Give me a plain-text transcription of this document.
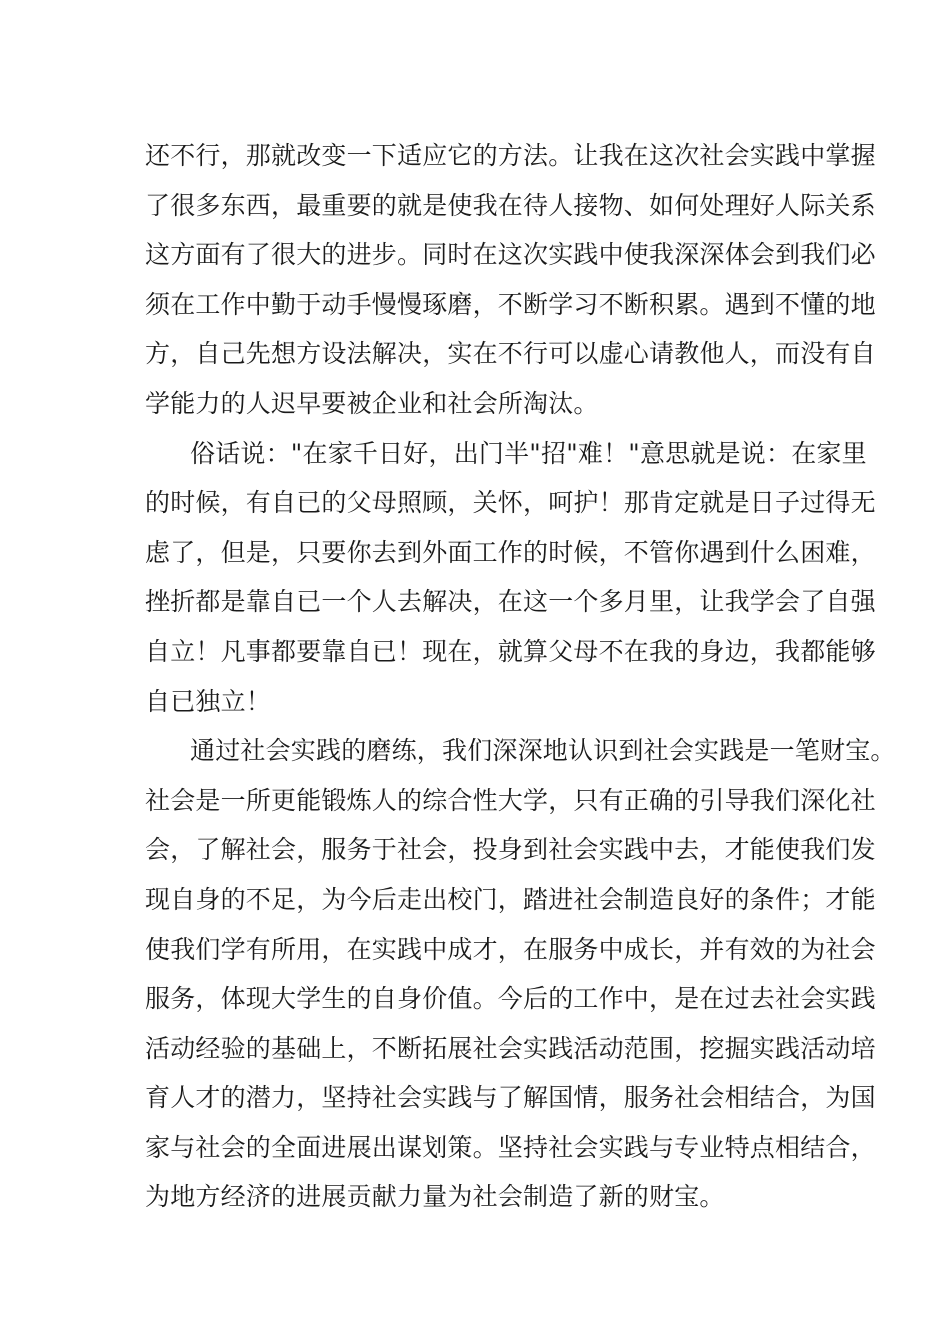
还不行，那就改变一下适应它的方法。让我在这次社会实践中掌握
了很多东西，最重要的就是使我在待人接物、如何处理好人际关系
这方面有了很大的进步。同时在这次实践中使我深深体会到我们必
须在工作中勤于动手慢慢琢磨，不断学习不断积累。遇到不懂的地
方，自己先想方设法解决，实在不行可以虚心请教他人，而没有自
学能力的人迟早要被企业和社会所淘汰。
俗话说："在家千日好，出门半"招"难！"意思就是说：在家里
的时候，有自已的父母照顾，关怀，呵护！那肯定就是日子过得无
虑了，但是，只要你去到外面工作的时候，不管你遇到什么困难，
挫折都是靠自已一个人去解决，在这一个多月里，让我学会了自强
自立！凡事都要靠自已！现在，就算父母不在我的身边，我都能够
自已独立！
通过社会实践的磨练，我们深深地认识到社会实践是一笔财宝。
社会是一所更能锻炼人的综合性大学，只有正确的引导我们深化社
会，了解社会，服务于社会，投身到社会实践中去，才能使我们发
现自身的不足，为今后走出校门，踏进社会制造良好的条件；才能
使我们学有所用，在实践中成才，在服务中成长，并有效的为社会
服务，体现大学生的自身价值。今后的工作中，是在过去社会实践
活动经验的基础上，不断拓展社会实践活动范围，挖掘实践活动培
育人才的潜力，坚持社会实践与了解国情，服务社会相结合，为国
家与社会的全面进展出谋划策。坚持社会实践与专业特点相结合，
为地方经济的进展贡献力量为社会制造了新的财宝。
